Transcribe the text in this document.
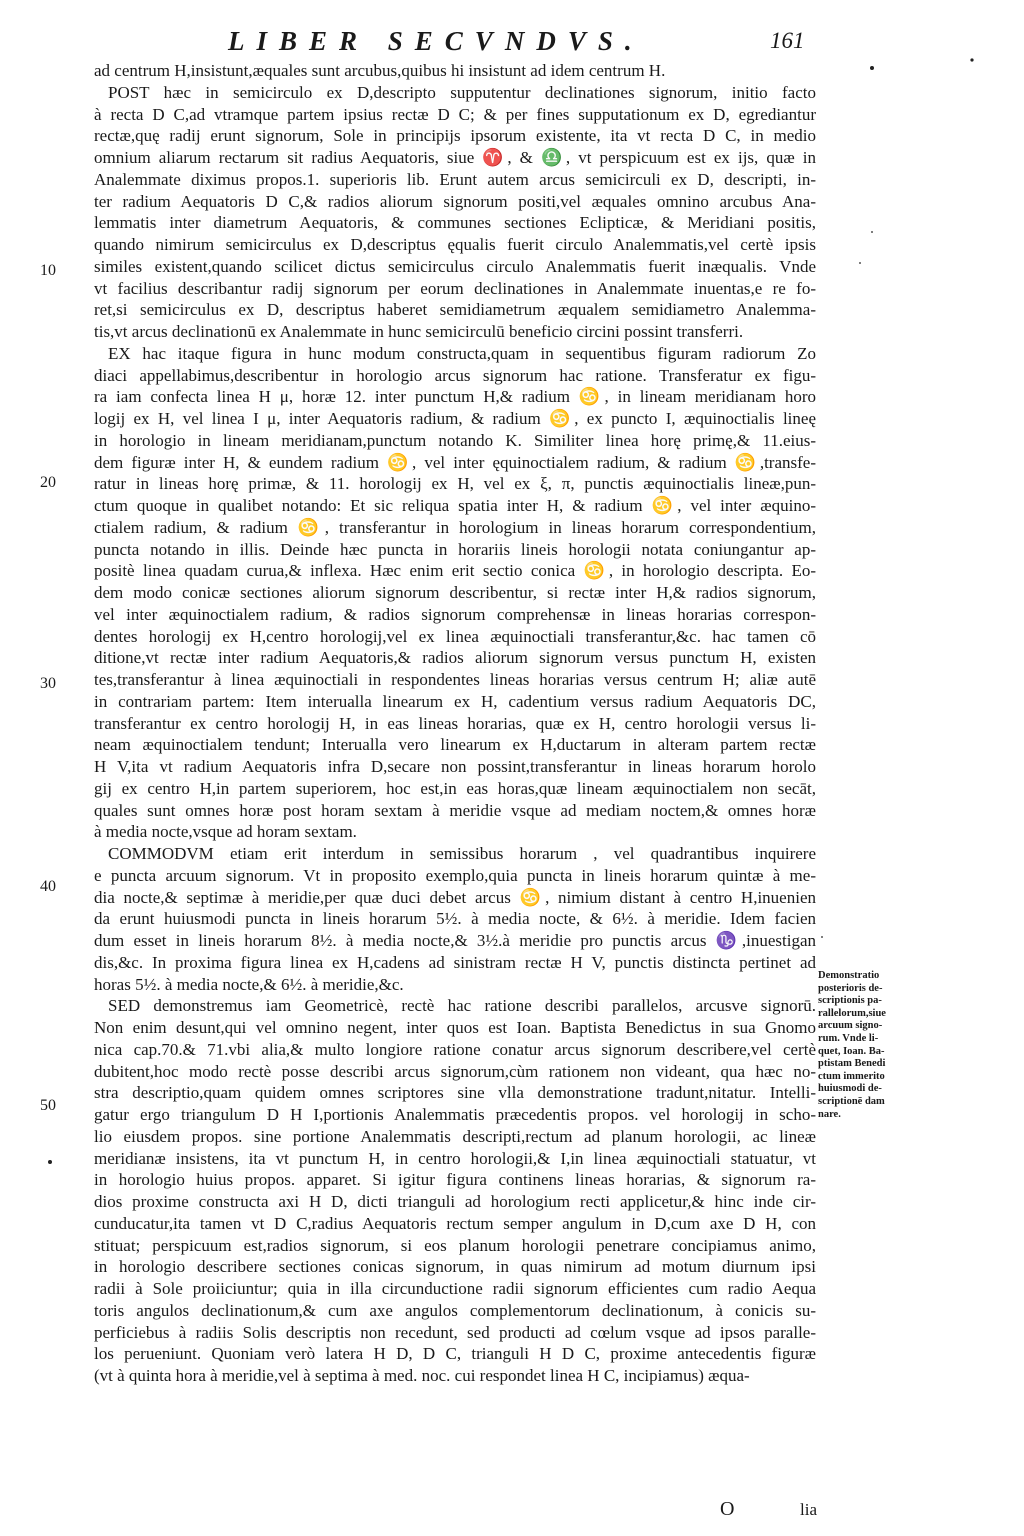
LIBER SECVNDVS.	161
10
20
30
40
50
ad centrum H,insistunt,æquales sunt arcubus,quibus hi insistunt ad idem centrum H.
POST hæc in semicirculo ex D,descripto supputentur declinationes signorum, initio facto
à recta D C,ad vtramque partem ipsius rectæ D C; & per fines supputationum ex D, egrediantur
rectæ,quę radij erunt signorum, Sole in principijs ipsorum existente, ita vt recta D C, in medio
omnium aliarum rectarum sit radius Aequatoris, siue ♈, & ♎, vt perspicuum est ex ijs, quæ in
Analemmate diximus propos.1. superioris lib. Erunt autem arcus semicirculi ex D, descripti, in-
ter radium Aequatoris D C,& radios aliorum signorum positi,vel æquales omnino arcubus Ana-
lemmatis inter diametrum Aequatoris, & communes sectiones Eclipticæ, & Meridiani positis,
quando nimirum semicirculus ex D,descriptus ęqualis fuerit circulo Analemmatis,vel certè ipsis
similes existent,quando scilicet dictus semicirculus circulo Analemmatis fuerit inæqualis. Vnde
vt facilius describantur radij signorum per eorum declinationes in Analemmate inuentas,e re fo-
ret,si semicirculus ex D, descriptus haberet semidiametrum æqualem semidiametro Analemma-
tis,vt arcus declinationū ex Analemmate in hunc semicirculū beneficio circini possint transferri.
EX hac itaque figura in hunc modum constructa,quam in sequentibus figuram radiorum Zo
diaci appellabimus,describentur in horologio arcus signorum hac ratione. Transferatur ex figu-
ra iam confecta linea H μ, horæ 12. inter punctum H,& radium ♋, in lineam meridianam horo
logij ex H, vel linea I μ, inter Aequatoris radium, & radium ♋, ex puncto I, æquinoctialis lineę
in horologio in lineam meridianam,punctum notando K. Similiter linea horę primę,& 11.eius-
dem figuræ inter H, & eundem radium ♋, vel inter ęquinoctialem radium, & radium ♋,transfe-
ratur in lineas horę primæ, & 11. horologij ex H, vel ex ξ, π, punctis æquinoctialis lineæ,pun-
ctum quoque in qualibet notando: Et sic reliqua spatia inter H, & radium ♋, vel inter æquino-
ctialem radium, & radium ♋, transferantur in horologium in lineas horarum correspondentium,
puncta notando in illis. Deinde hæc puncta in horariis lineis horologii notata coniungantur ap-
positè linea quadam curua,& inflexa. Hæc enim erit sectio conica ♋, in horologio descripta. Eo-
dem modo conicæ sectiones aliorum signorum describentur, si rectæ inter H,& radios signorum,
vel inter æquinoctialem radium, & radios signorum comprehensæ in lineas horarias correspon-
dentes horologij ex H,centro horologij,vel ex linea æquinoctiali transferantur,&c. hac tamen cō
ditione,vt rectæ inter radium Aequatoris,& radios aliorum signorum versus punctum H, existen
tes,transferantur à linea æquinoctiali in respondentes lineas horarias versus centrum H; aliæ autē
in contrariam partem: Item interualla linearum ex H, cadentium versus radium Aequatoris DC,
transferantur ex centro horologij H, in eas lineas horarias, quæ ex H, centro horologii versus li-
neam æquinoctialem tendunt; Interualla vero linearum ex H,ductarum in alteram partem rectæ
H V,ita vt radium Aequatoris infra D,secare non possint,transferantur in lineas horarum horolo
gij ex centro H,in partem superiorem, hoc est,in eas horas,quæ lineam æquinoctialem non secāt,
quales sunt omnes horæ post horam sextam à meridie vsque ad mediam noctem,& omnes horæ
à media nocte,vsque ad horam sextam.
COMMODVM etiam erit interdum in semissibus horarum , vel quadrantibus inquirere
e puncta arcuum signorum. Vt in proposito exemplo,quia puncta in lineis horarum quintæ à me-
dia nocte,& septimæ à meridie,per quæ duci debet arcus ♋, nimium distant à centro H,inuenien
da erunt huiusmodi puncta in lineis horarum 5½. à media nocte, & 6½. à meridie. Idem facien
dum esset in lineis horarum 8½. à media nocte,& 3½.à meridie pro punctis arcus ♑,inuestigan
dis,&c. In proxima figura linea ex H,cadens ad sinistram rectæ H V, punctis distincta pertinet ad
horas 5½. à media nocte,& 6½. à meridie,&c.
SED demonstremus iam Geometricè, rectè hac ratione describi parallelos, arcusve signorū.
Non enim desunt,qui vel omnino negent, inter quos est Ioan. Baptista Benedictus in sua Gnomo
nica cap.70.& 71.vbi alia,& multo longiore ratione conatur arcus signorum describere,vel certè
dubitent,hoc modo rectè posse describi arcus signorum,cùm rationem non videant, qua hæc no-
stra descriptio,quam quidem omnes scriptores sine vlla demonstratione tradunt,nitatur. Intelli-
gatur ergo triangulum D H I,portionis Analemmatis præcedentis propos. vel horologij in scho-
lio eiusdem propos. sine portione Analemmatis descripti,rectum ad planum horologii, ac lineæ
meridianæ insistens, ita vt punctum H, in centro horologii,& I,in linea æquinoctiali statuatur, vt
in horologio huius propos. apparet. Si igitur figura continens lineas horarias, & signorum ra-
dios proxime constructa axi H D, dicti trianguli ad horologium recti applicetur,& hinc inde cir-
cunducatur,ita tamen vt D C,radius Aequatoris rectum semper angulum in D,cum axe D H, con
stituat; perspicuum est,radios signorum, si eos planum horologii penetrare concipiamus animo,
in horologio describere sectiones conicas signorum, in quas nimirum ad motum diurnum ipsi
radii à Sole proiiciuntur; quia in illa circunductione radii signorum efficientes cum radio Aequa
toris angulos declinationum,& cum axe angulos complementorum declinationum, à conicis su-
perficiebus à radiis Solis descriptis non recedunt, sed producti ad cœlum vsque ad ipsos paralle-
los perueniunt. Quoniam verò latera H D, D C, trianguli H D C, proxime antecedentis figuræ
(vt à quinta hora à meridie,vel à septima à med. noc. cui respondet linea H C, incipiamus) æqua-
Demonstratio
posterioris de-
scriptionis pa-
rallelorum,siue
arcuum signo-
rum. Vnde li-
quet, Ioan. Ba-
ptistam Benedi
ctum immerito
huiusmodi de-
scriptionē dam
nare.
O	lia
